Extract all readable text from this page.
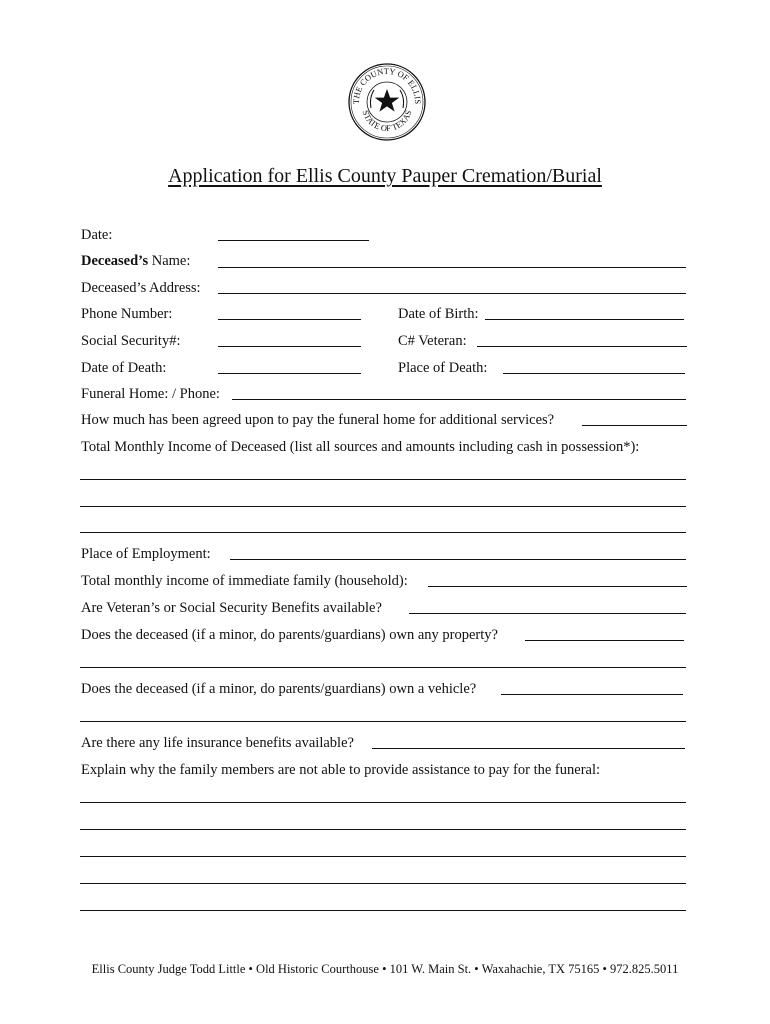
THE COUNTY OF ELLIS
STATE OF TEXAS
Application for Ellis County Pauper Cremation/Burial
Date:
Deceased’s Name:
Deceased’s Address:
Phone Number:	Date of Birth:
Social Security#:	C# Veteran:
Date of Death:	Place of Death:
Funeral Home: / Phone:
How much has been agreed upon to pay the funeral home for additional services?
Total Monthly Income of Deceased (list all sources and amounts including cash in possession*):
Place of Employment:
Total monthly income of immediate family (household):
Are Veteran’s or Social Security Benefits available?
Does the deceased (if a minor, do parents/guardians) own any property?
Does the deceased (if a minor, do parents/guardians) own a vehicle?
Are there any life insurance benefits available?
Explain why the family members are not able to provide assistance to pay for the funeral:
Ellis County Judge Todd Little • Old Historic Courthouse • 101 W. Main St. • Waxahachie, TX 75165 • 972.825.5011
